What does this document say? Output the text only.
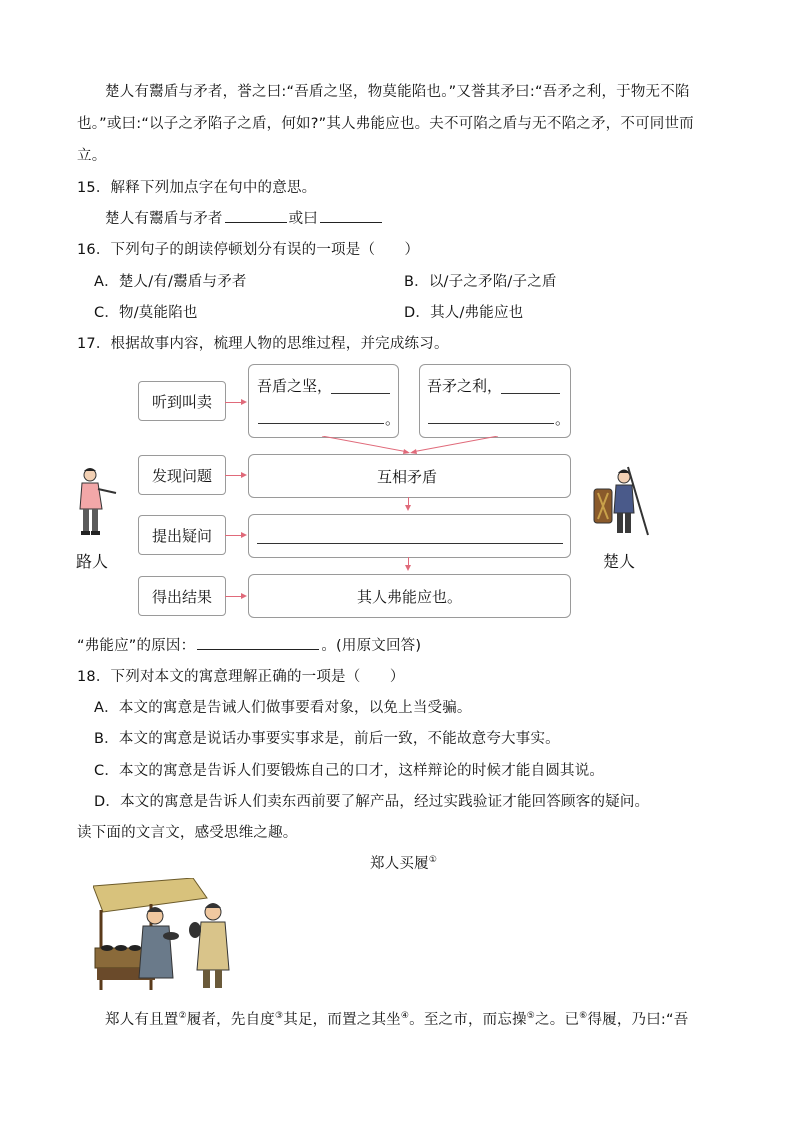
楚人有鬻盾与矛者，誉之曰:“吾盾之坚，物莫能陷也。”又誉其矛曰:“吾矛之利，于物无不陷
也。”或曰:“以子之矛陷子之盾，何如?”其人弗能应也。夫不可陷之盾与无不陷之矛，不可同世而
立。
15．解释下列加点字在句中的意思。
楚人有鬻盾与矛者	或曰
16．下列句子的朗读停顿划分有误的一项是（　　）
A．楚人/有/鬻盾与矛者	B．以/子之矛陷/子之盾
C．物/莫能陷也	D．其人/弗能应也
17．根据故事内容，梳理人物的思维过程，并完成练习。
听到叫卖
发现问题
提出疑问
得出结果
吾盾之坚，
。
吾矛之利，
。
互相矛盾
其人弗能应也。
路人	楚人
“弗能应”的原因：	。(用原文回答)
18．下列对本文的寓意理解正确的一项是（　　）
A．本文的寓意是告诫人们做事要看对象，以免上当受骗。
B．本文的寓意是说话办事要实事求是，前后一致，不能故意夸大事实。
C．本文的寓意是告诉人们要锻炼自己的口才，这样辩论的时候才能自圆其说。
D．本文的寓意是告诉人们卖东西前要了解产品，经过实践验证才能回答顾客的疑问。
读下面的文言文，感受思维之趣。
郑人买履①
郑人有且置②履者，先自度③其足，而置之其坐④。至之市，而忘操⑤之。已⑥得履，乃曰:“吾
